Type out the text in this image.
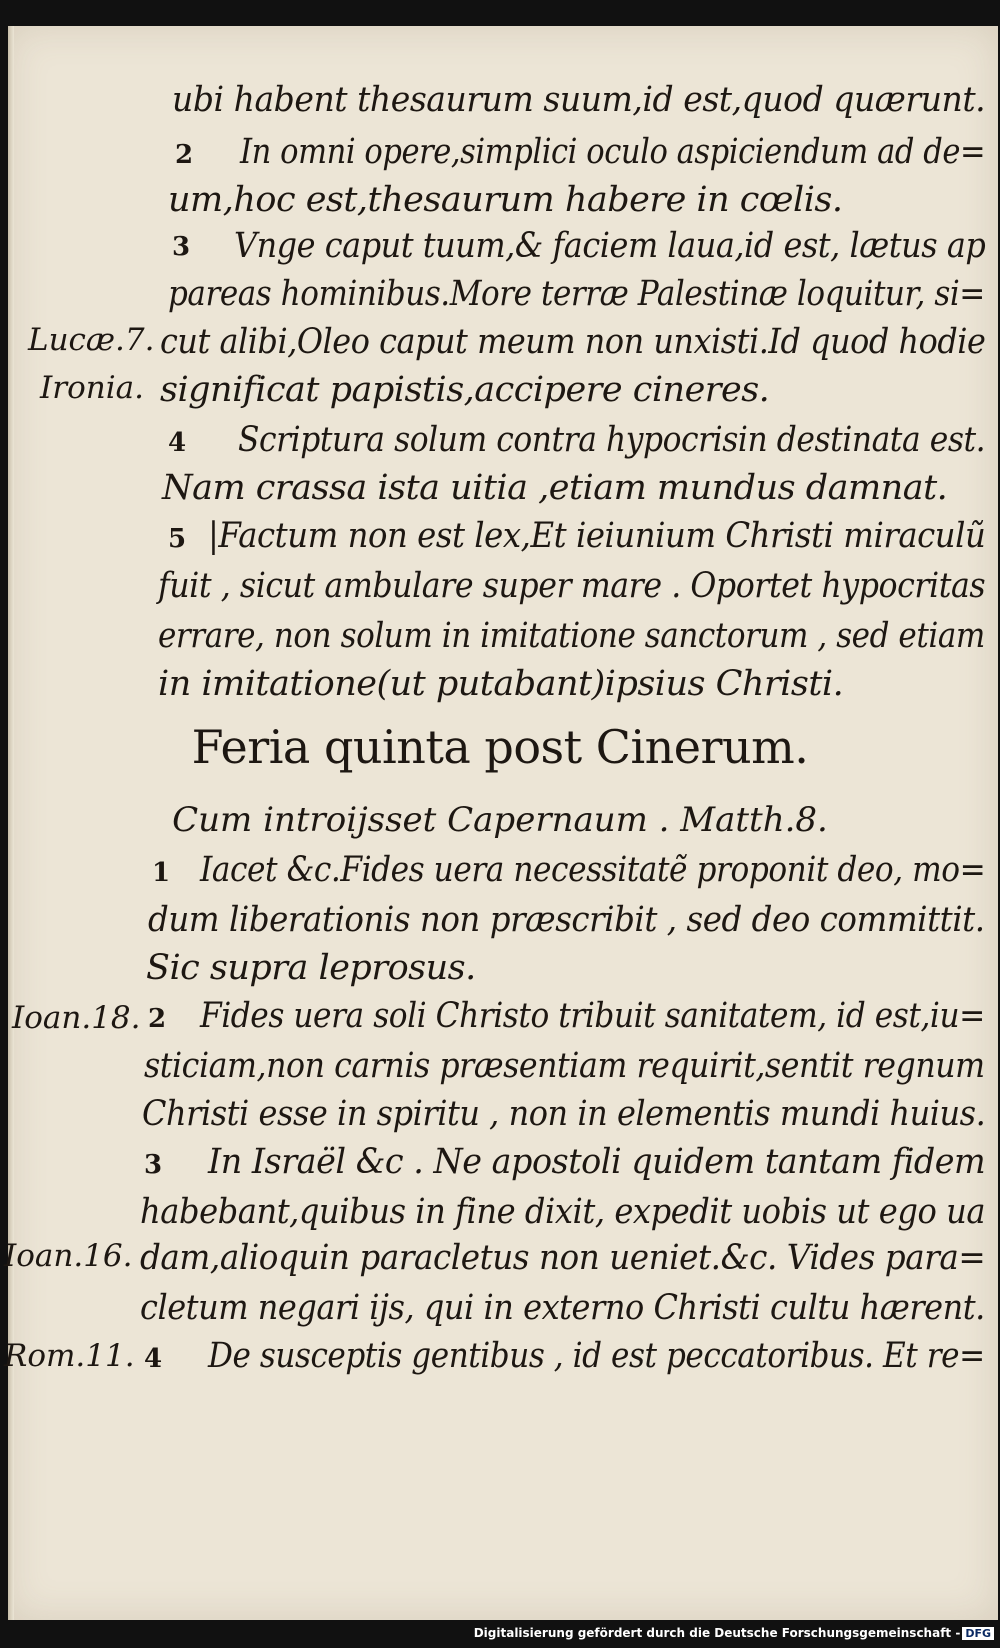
ubi habent thesaurum suum,id est,quod quærunt.
2 In omni opere,simplici oculo aspiciendum ad de=
um,hoc est,thesaurum habere in cœlis.
3 Vnge caput tuum,& faciem laua,id est, lætus ap
pareas hominibus.More terræ Palestinæ loquitur, si=
Lucæ.7. cut alibi,Oleo caput meum non unxisti.Id quod hodie
Ironia. significat papistis,accipere cineres.
4 Scriptura solum contra hypocrisin destinata est.
Nam crassa ista uitia ,etiam mundus damnat.
5 |Factum non est lex,Et ieiunium Christi miraculũ
fuit , sicut ambulare super mare . Oportet hypocritas
errare, non solum in imitatione sanctorum , sed etiam
in imitatione(ut putabant)ipsius Christi.
Feria quinta post Cinerum.
Cum introijsset Capernaum . Matth.8.
1 Iacet &c.Fides uera necessitatẽ proponit deo, mo=
dum liberationis non præscribit , sed deo committit.
Sic supra leprosus.
Ioan.18. 2 Fides uera soli Christo tribuit sanitatem, id est,iu=
sticiam,non carnis præsentiam requirit,sentit regnum
Christi esse in spiritu , non in elementis mundi huius.
3 In Israël &c . Ne apostoli quidem tantam fidem
habebant,quibus in fine dixit, expedit uobis ut ego ua
Ioan.16. dam,alioquin paracletus non ueniet.&c. Vides para=
cletum negari ijs, qui in externo Christi cultu hærent.
Rom.11. 4 De susceptis gentibus , id est peccatoribus. Et re=
Digitalisierung gefördert durch die Deutsche Forschungsgemeinschaft - DFG
